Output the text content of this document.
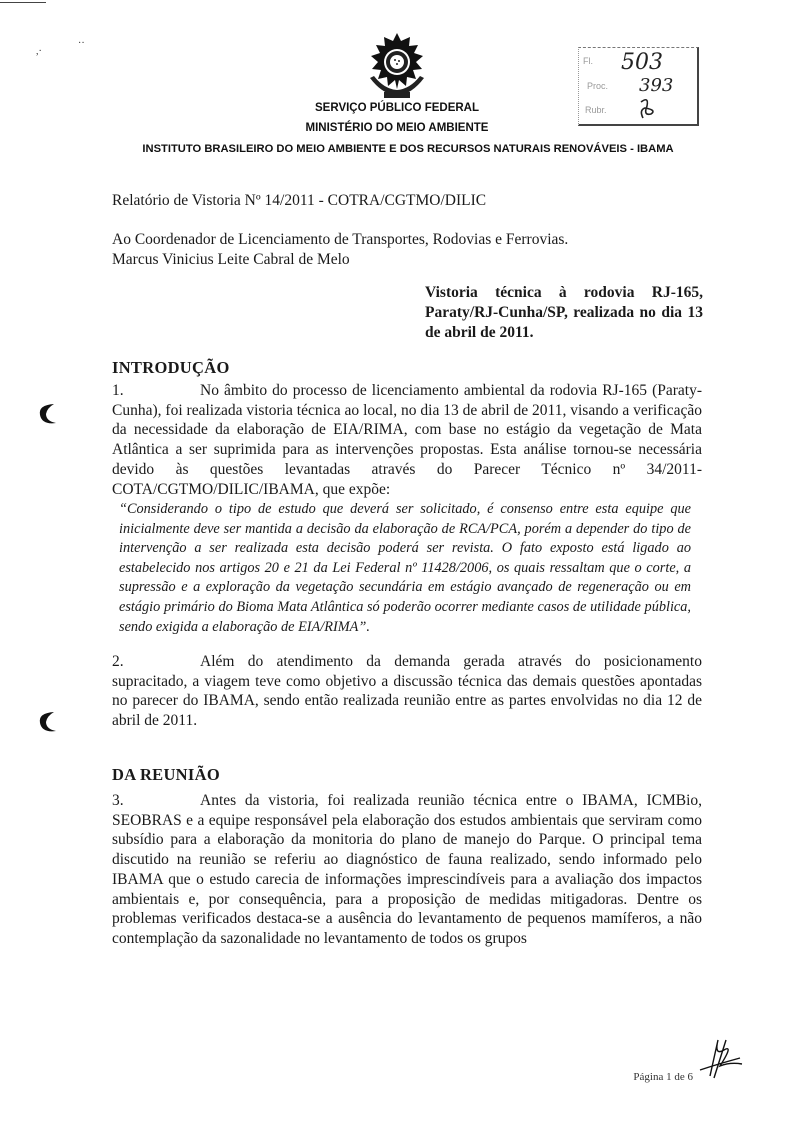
,·
··
Fl. 503
Proc. 393
Rubr.
SERVIÇO PÚBLICO FEDERAL
MINISTÉRIO DO MEIO AMBIENTE
INSTITUTO BRASILEIRO DO MEIO AMBIENTE E DOS RECURSOS NATURAIS RENOVÁVEIS - IBAMA
Relatório de Vistoria Nº 14/2011 - COTRA/CGTMO/DILIC
Ao Coordenador de Licenciamento de Transportes, Rodovias e Ferrovias.
Marcus Vinicius Leite Cabral de Melo
Vistoria técnica à rodovia RJ-165, Paraty/RJ-Cunha/SP, realizada no dia 13 de abril de 2011.
INTRODUÇÃO
1.	No âmbito do processo de licenciamento ambiental da rodovia RJ-165 (Paraty-Cunha), foi realizada vistoria técnica ao local, no dia 13 de abril de 2011, visando a verificação da necessidade da elaboração de EIA/RIMA, com base no estágio da vegetação de Mata Atlântica a ser suprimida para as intervenções propostas. Esta análise tornou-se necessária devido às questões levantadas através do Parecer Técnico nº 34/2011-COTA/CGTMO/DILIC/IBAMA, que expõe:
“Considerando o tipo de estudo que deverá ser solicitado, é consenso entre esta equipe que inicialmente deve ser mantida a decisão da elaboração de RCA/PCA, porém a depender do tipo de intervenção a ser realizada esta decisão poderá ser revista. O fato exposto está ligado ao estabelecido nos artigos 20 e 21 da Lei Federal nº 11428/2006, os quais ressaltam que o corte, a supressão e a exploração da vegetação secundária em estágio avançado de regeneração ou em estágio primário do Bioma Mata Atlântica só poderão ocorrer mediante casos de utilidade pública, sendo exigida a elaboração de EIA/RIMA”.
2.	Além do atendimento da demanda gerada através do posicionamento supracitado, a viagem teve como objetivo a discussão técnica das demais questões apontadas no parecer do IBAMA, sendo então realizada reunião entre as partes envolvidas no dia 12 de abril de 2011.
DA REUNIÃO
3.	Antes da vistoria, foi realizada reunião técnica entre o IBAMA, ICMBio, SEOBRAS e a equipe responsável pela elaboração dos estudos ambientais que serviram como subsídio para a elaboração da monitoria do plano de manejo do Parque. O principal tema discutido na reunião se referiu ao diagnóstico de fauna realizado, sendo informado pelo IBAMA que o estudo carecia de informações imprescindíveis para a avaliação dos impactos ambientais e, por consequência, para a proposição de medidas mitigadoras. Dentre os problemas verificados destaca-se a ausência do levantamento de pequenos mamíferos, a não contemplação da sazonalidade no levantamento de todos os grupos
Página 1 de 6
